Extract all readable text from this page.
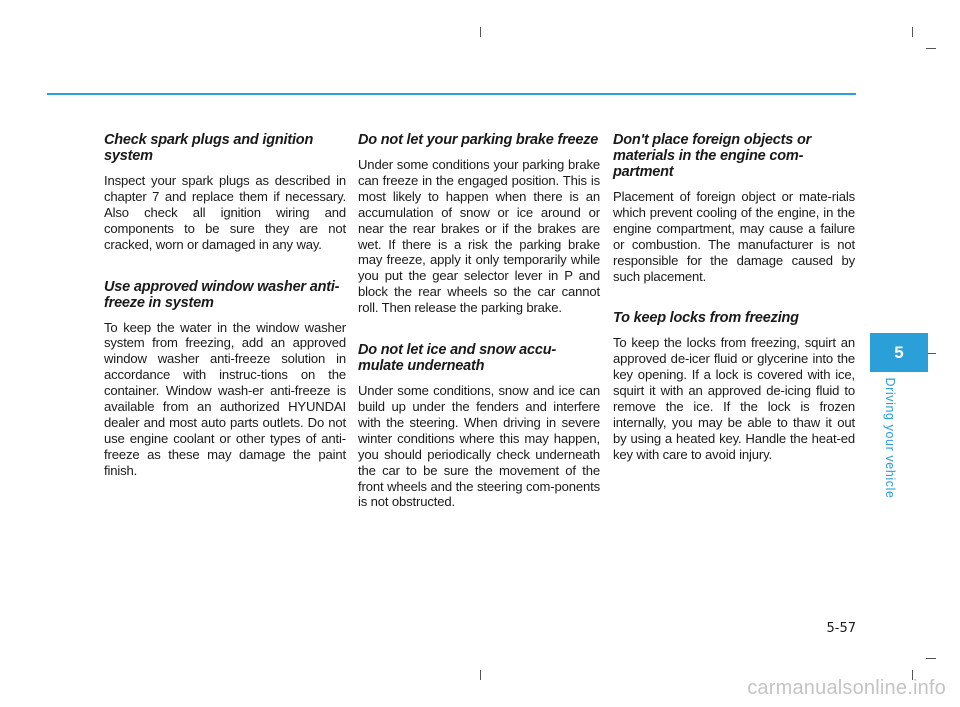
Check spark plugs and ignition system

Inspect your spark plugs as described in chapter 7 and replace them if necessary. Also check all ignition wiring and components to be sure they are not cracked, worn or damaged in any way.

Use approved window washer anti-freeze in system

To keep the water in the window washer system from freezing, add an approved window washer anti-freeze solution in accordance with instruc-tions on the container. Window wash-er anti-freeze is available from an authorized HYUNDAI dealer and most auto parts outlets. Do not use engine coolant or other types of anti-freeze as these may damage the paint finish.

Do not let your parking brake freeze

Under some conditions your parking brake can freeze in the engaged position. This is most likely to happen when there is an accumulation of snow or ice around or near the rear brakes or if the brakes are wet. If there is a risk the parking brake may freeze, apply it only temporarily while you put the gear selector lever in P and block the rear wheels so the car cannot roll. Then release the parking brake.

Do not let ice and snow accu-mulate underneath

Under some conditions, snow and ice can build up under the fenders and interfere with the steering. When driving in severe winter conditions where this may happen, you should periodically check underneath the car to be sure the movement of the front wheels and the steering com-ponents is not obstructed.

Don't place foreign objects or materials in the engine com-partment

Placement of foreign object or mate-rials which prevent cooling of the engine, in the engine compartment, may cause a failure or combustion. The manufacturer is not responsible for the damage caused by such placement.

To keep locks from freezing

To keep the locks from freezing, squirt an approved de-icer fluid or glycerine into the key opening. If a lock is covered with ice, squirt it with an approved de-icing fluid to remove the ice. If the lock is frozen internally, you may be able to thaw it out by using a heated key. Handle the heat-ed key with care to avoid injury.

5
Driving your vehicle
5-57
carmanualsonline.info
